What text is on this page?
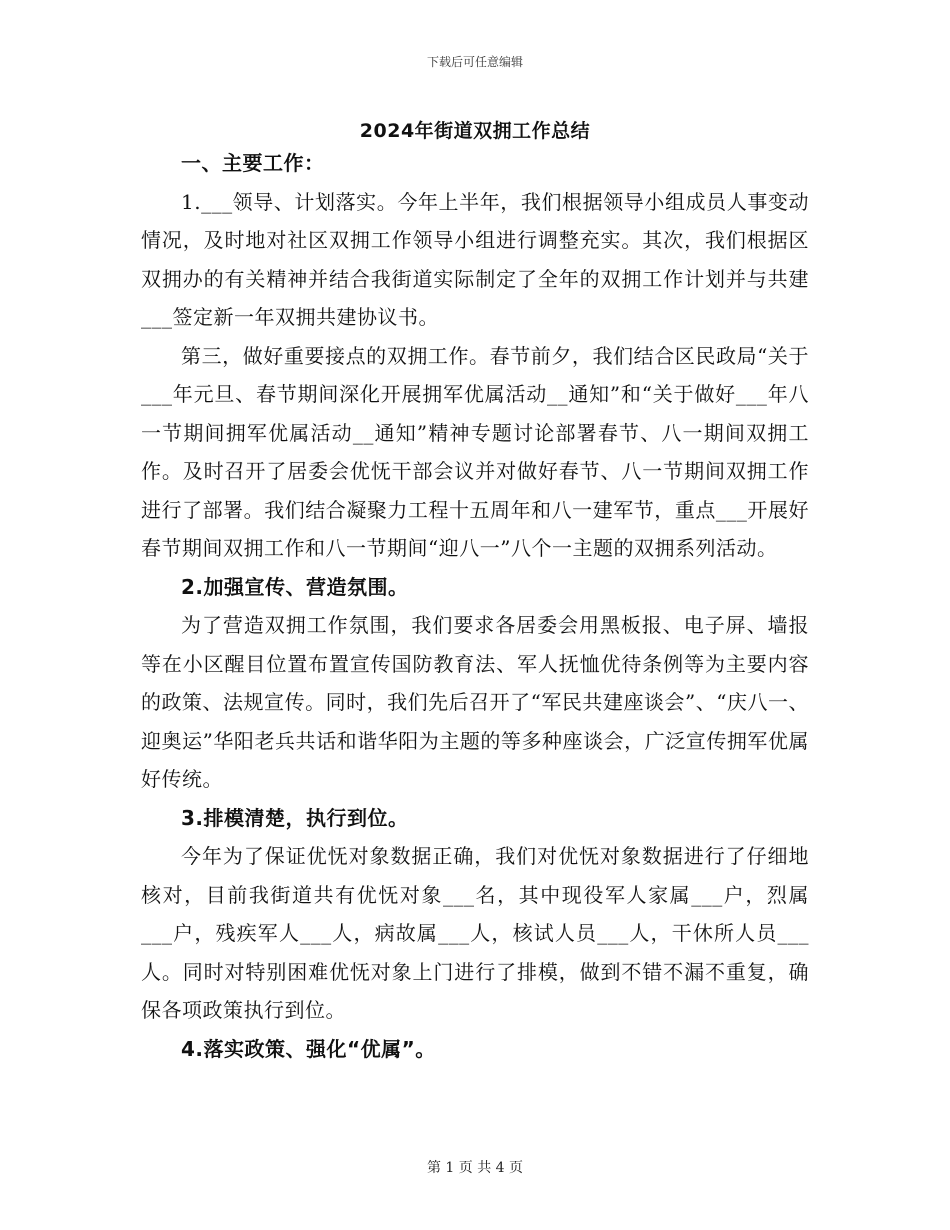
下载后可任意编辑
2024年街道双拥工作总结
一、主要工作：

1.___领导、计划落实。今年上半年，我们根据领导小组成员人事变动情况，及时地对社区双拥工作领导小组进行调整充实。其次，我们根据区双拥办的有关精神并结合我街道实际制定了全年的双拥工作计划并与共建___签定新一年双拥共建协议书。

第三，做好重要接点的双拥工作。春节前夕，我们结合区民政局“关于___年元旦、春节期间深化开展拥军优属活动__通知”和“关于做好___年八一节期间拥军优属活动__通知”精神专题讨论部署春节、八一期间双拥工作。及时召开了居委会优怃干部会议并对做好春节、八一节期间双拥工作进行了部署。我们结合凝聚力工程十五周年和八一建军节，重点___开展好春节期间双拥工作和八一节期间“迎八一”八个一主题的双拥系列活动。

2.加强宣传、营造氛围。

为了营造双拥工作氛围，我们要求各居委会用黑板报、电子屏、墙报等在小区醒目位置布置宣传国防教育法、军人抚恤优待条例等为主要内容的政策、法规宣传。同时，我们先后召开了“军民共建座谈会”、“庆八一、迎奥运”华阳老兵共话和谐华阳为主题的等多种座谈会，广泛宣传拥军优属好传统。

3.排模清楚，执行到位。

今年为了保证优怃对象数据正确，我们对优怃对象数据进行了仔细地核对，目前我街道共有优怃对象___名，其中现役军人家属___户，烈属___户，残疾军人___人，病故属___人，核试人员___人，干休所人员___人。同时对特别困难优怃对象上门进行了排模，做到不错不漏不重复，确保各项政策执行到位。

4.落实政策、强化“优属”。
第 1 页 共 4 页
